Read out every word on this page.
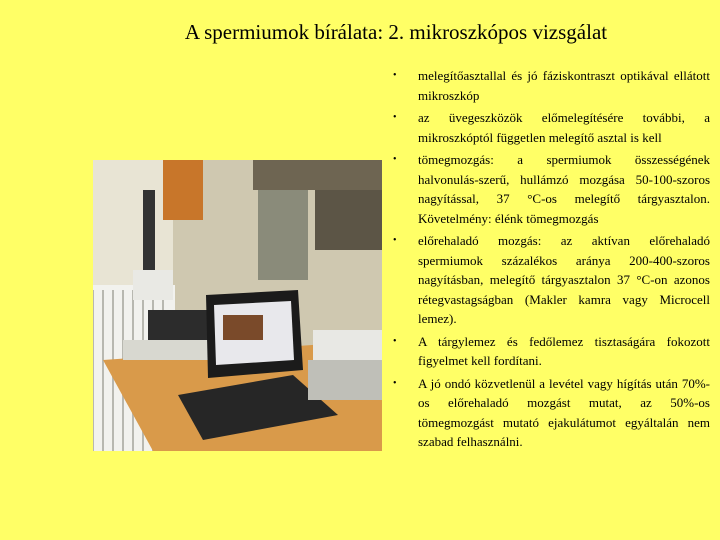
A spermiumok bírálata: 2. mikroszkópos vizsgálat
• melegítőasztallal és jó fáziskontraszt optikával ellátott mikroszkóp
• az üvegeszközök előmelegítésére további, a mikroszkóptól független melegítő asztal is kell
• tömegmozgás: a spermiumok összességének halvonulás-szerű, hullámzó mozgása 50-100-szoros nagyítással, 37 °C-os melegítő tárgyasztalon. Követelmény: élénk tömegmozgás
• előrehaladó mozgás: az aktívan előrehaladó spermiumok százalékos aránya 200-400-szoros nagyításban, melegítő tárgyasztalon 37 °C-on azonos rétegvastagságban (Makler kamra vagy Microcell lemez).
• A tárgylemez és fedőlemez tisztaságára fokozott figyelmet kell fordítani.
• A jó ondó közvetlenül a levétel vagy hígítás után 70%-os előrehaladó mozgást mutat, az 50%-os tömegmozgást mutató ejakulátumot egyáltalán nem szabad felhasználni.
